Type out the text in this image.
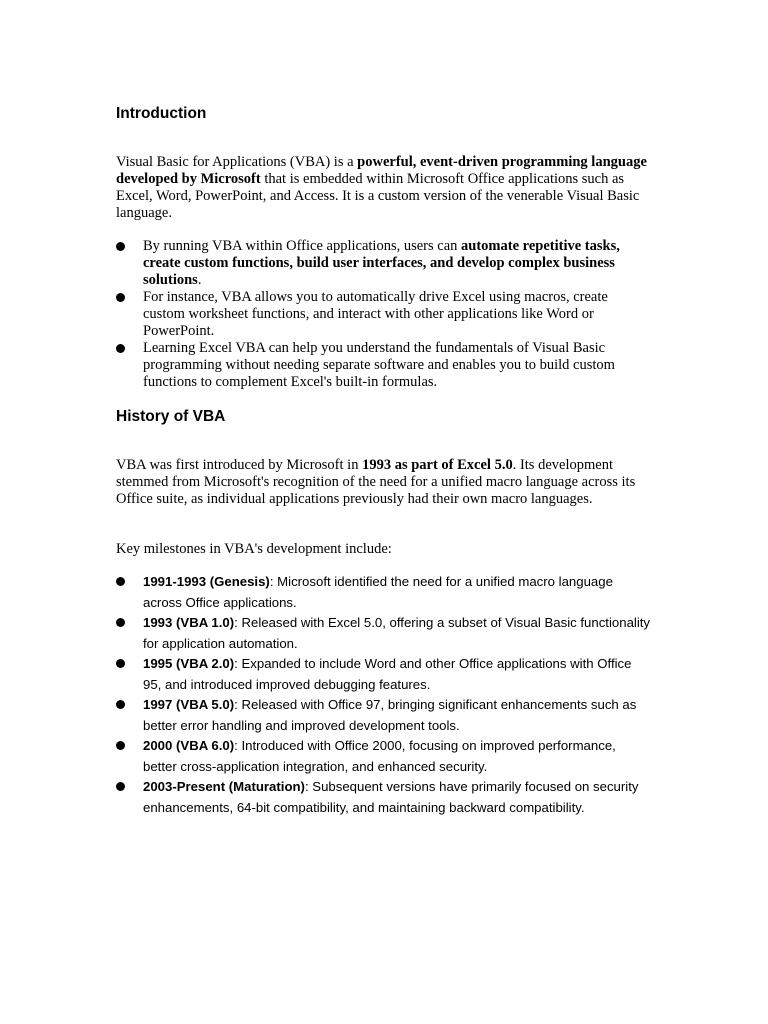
Introduction

Visual Basic for Applications (VBA) is a powerful, event-driven programming language developed by Microsoft that is embedded within Microsoft Office applications such as Excel, Word, PowerPoint, and Access. It is a custom version of the venerable Visual Basic language.

By running VBA within Office applications, users can automate repetitive tasks, create custom functions, build user interfaces, and develop complex business solutions.
For instance, VBA allows you to automatically drive Excel using macros, create custom worksheet functions, and interact with other applications like Word or PowerPoint.
Learning Excel VBA can help you understand the fundamentals of Visual Basic programming without needing separate software and enables you to build custom functions to complement Excel's built-in formulas.
History of VBA

VBA was first introduced by Microsoft in 1993 as part of Excel 5.0. Its development stemmed from Microsoft's recognition of the need for a unified macro language across its Office suite, as individual applications previously had their own macro languages.

Key milestones in VBA's development include:

1991-1993 (Genesis): Microsoft identified the need for a unified macro language across Office applications.
1993 (VBA 1.0): Released with Excel 5.0, offering a subset of Visual Basic functionality for application automation.
1995 (VBA 2.0): Expanded to include Word and other Office applications with Office 95, and introduced improved debugging features.
1997 (VBA 5.0): Released with Office 97, bringing significant enhancements such as better error handling and improved development tools.
2000 (VBA 6.0): Introduced with Office 2000, focusing on improved performance, better cross-application integration, and enhanced security.
2003-Present (Maturation): Subsequent versions have primarily focused on security enhancements, 64-bit compatibility, and maintaining backward compatibility.
